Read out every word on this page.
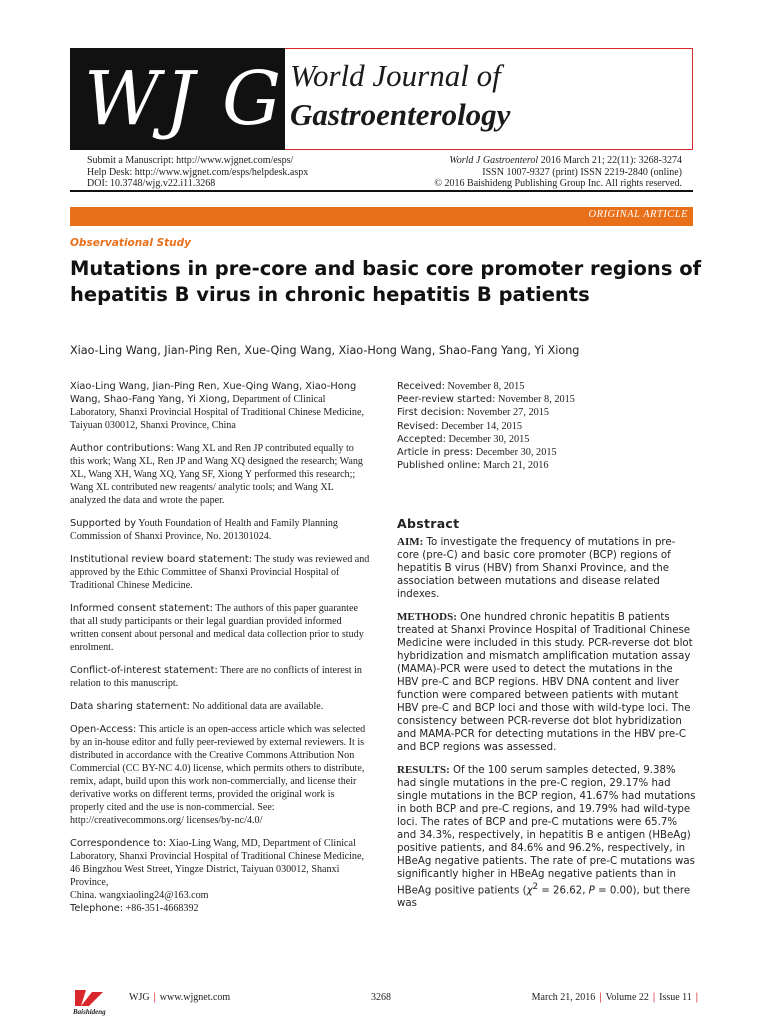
W J G World Journal of
Gastroenterology
Submit a Manuscript: http://www.wjgnet.com/esps/
Help Desk: http://www.wjgnet.com/esps/helpdesk.aspx
DOI: 10.3748/wjg.v22.i11.3268
World J Gastroenterol 2016 March 21; 22(11): 3268-3274
ISSN 1007-9327 (print) ISSN 2219-2840 (online)
© 2016 Baishideng Publishing Group Inc. All rights reserved.
ORIGINAL ARTICLE
Observational Study
Mutations in pre-core and basic core promoter regions of hepatitis B virus in chronic hepatitis B patients
Xiao-Ling Wang, Jian-Ping Ren, Xue-Qing Wang, Xiao-Hong Wang, Shao-Fang Yang, Yi Xiong

Xiao-Ling Wang, Jian-Ping Ren, Xue-Qing Wang, Xiao-Hong Wang, Shao-Fang Yang, Yi Xiong, Department of Clinical Laboratory, Shanxi Provincial Hospital of Traditional Chinese Medicine, Taiyuan 030012, Shanxi Province, China

Author contributions: Wang XL and Ren JP contributed equally to this work; Wang XL, Ren JP and Wang XQ designed the research; Wang XL, Wang XH, Wang XQ, Yang SF, Xiong Y performed this research;; Wang XL contributed new reagents/ analytic tools; and Wang XL analyzed the data and wrote the paper.

Supported by Youth Foundation of Health and Family Planning Commission of Shanxi Province, No. 201301024.

Institutional review board statement: The study was reviewed and approved by the Ethic Committee of Shanxi Provincial Hospital of Traditional Chinese Medicine.

Informed consent statement: The authors of this paper guarantee that all study participants or their legal guardian provided informed written consent about personal and medical data collection prior to study enrolment.

Conflict-of-interest statement: There are no conflicts of interest in relation to this manuscript.

Data sharing statement: No additional data are available.

Open-Access: This article is an open-access article which was selected by an in-house editor and fully peer-reviewed by external reviewers. It is distributed in accordance with the Creative Commons Attribution Non Commercial (CC BY-NC 4.0) license, which permits others to distribute, remix, adapt, build upon this work non-commercially, and license their derivative works on different terms, provided the original work is properly cited and the use is non-commercial. See: http://creativecommons.org/ licenses/by-nc/4.0/

Correspondence to: Xiao-Ling Wang, MD, Department of Clinical Laboratory, Shanxi Provincial Hospital of Traditional Chinese Medicine, 46 Bingzhou West Street, Yingze District, Taiyuan 030012, Shanxi Province,
China. wangxiaoling24@163.com
Telephone: +86-351-4668392

Received: November 8, 2015
Peer-review started: November 8, 2015
First decision: November 27, 2015
Revised: December 14, 2015
Accepted: December 30, 2015
Article in press: December 30, 2015
Published online: March 21, 2016
Abstract

AIM: To investigate the frequency of mutations in pre-core (pre-C) and basic core promoter (BCP) regions of hepatitis B virus (HBV) from Shanxi Province, and the association between mutations and disease related indexes.

METHODS: One hundred chronic hepatitis B patients treated at Shanxi Province Hospital of Traditional Chinese Medicine were included in this study. PCR-reverse dot blot hybridization and mismatch amplification mutation assay (MAMA)-PCR were used to detect the mutations in the HBV pre-C and BCP regions. HBV DNA content and liver function were compared between patients with mutant HBV pre-C and BCP loci and those with wild-type loci. The consistency between PCR-reverse dot blot hybridization and MAMA-PCR for detecting mutations in the HBV pre-C and BCP regions was assessed.

RESULTS: Of the 100 serum samples detected, 9.38% had single mutations in the pre-C region, 29.17% had single mutations in the BCP region, 41.67% had mutations in both BCP and pre-C regions, and 19.79% had wild-type loci. The rates of BCP and pre-C mutations were 65.7% and 34.3%, respectively, in hepatitis B e antigen (HBeAg) positive patients, and 84.6% and 96.2%, respectively, in HBeAg negative patients. The rate of pre-C mutations was significantly higher in HBeAg negative patients than in HBeAg positive patients ($\chi^2 = 26.62$, P = 0.00), but there was

Baishideng
WJG | www.wjgnet.com	3268	March 21, 2016 | Volume 22 | Issue 11 |
